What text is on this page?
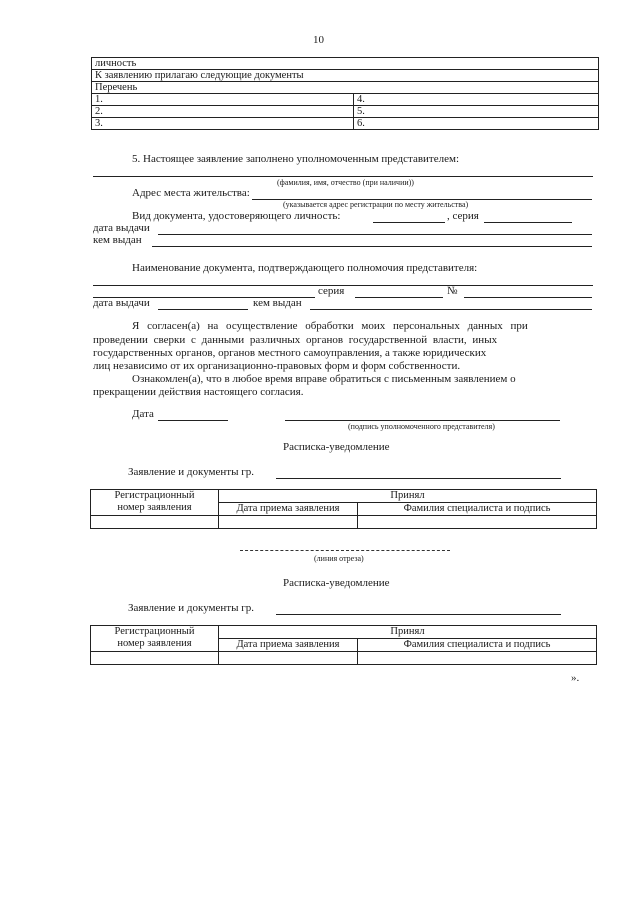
10
личность	
К заявлению прилагаю следующие документы	
Перечень	
1.	4.
2.	5.
3.	6.
5. Настоящее заявление заполнено уполномоченным представителем:
(фамилия, имя, отчество (при наличии))
Адрес места жительства:
(указывается адрес регистрации по месту жительства)
Вид документа, удостоверяющего личность:	, серия
дата выдачи
кем выдан
Наименование документа, подтверждающего полномочия представителя:
серия	№
дата выдачи	кем выдан
Я согласен(а) на осуществление обработки моих персональных данных при
проведении сверки с данными различных органов государственной власти, иных
государственных органов, органов местного самоуправления, а также юридических
лиц независимо от их организационно-правовых форм и форм собственности.
Ознакомлен(а), что в любое время вправе обратиться с письменным заявлением о
прекращении действия настоящего согласия.
Дата
(подпись уполномоченного представителя)
Расписка-уведомление
Заявление и документы гр.
Регистрационный
номер заявления	Принял	
	Дата приема заявления	Фамилия специалиста и подпись

(линия отреза)
Расписка-уведомление
Заявление и документы гр.
Регистрационный
номер заявления	Принял	
	Дата приема заявления	Фамилия специалиста и подпись

».
